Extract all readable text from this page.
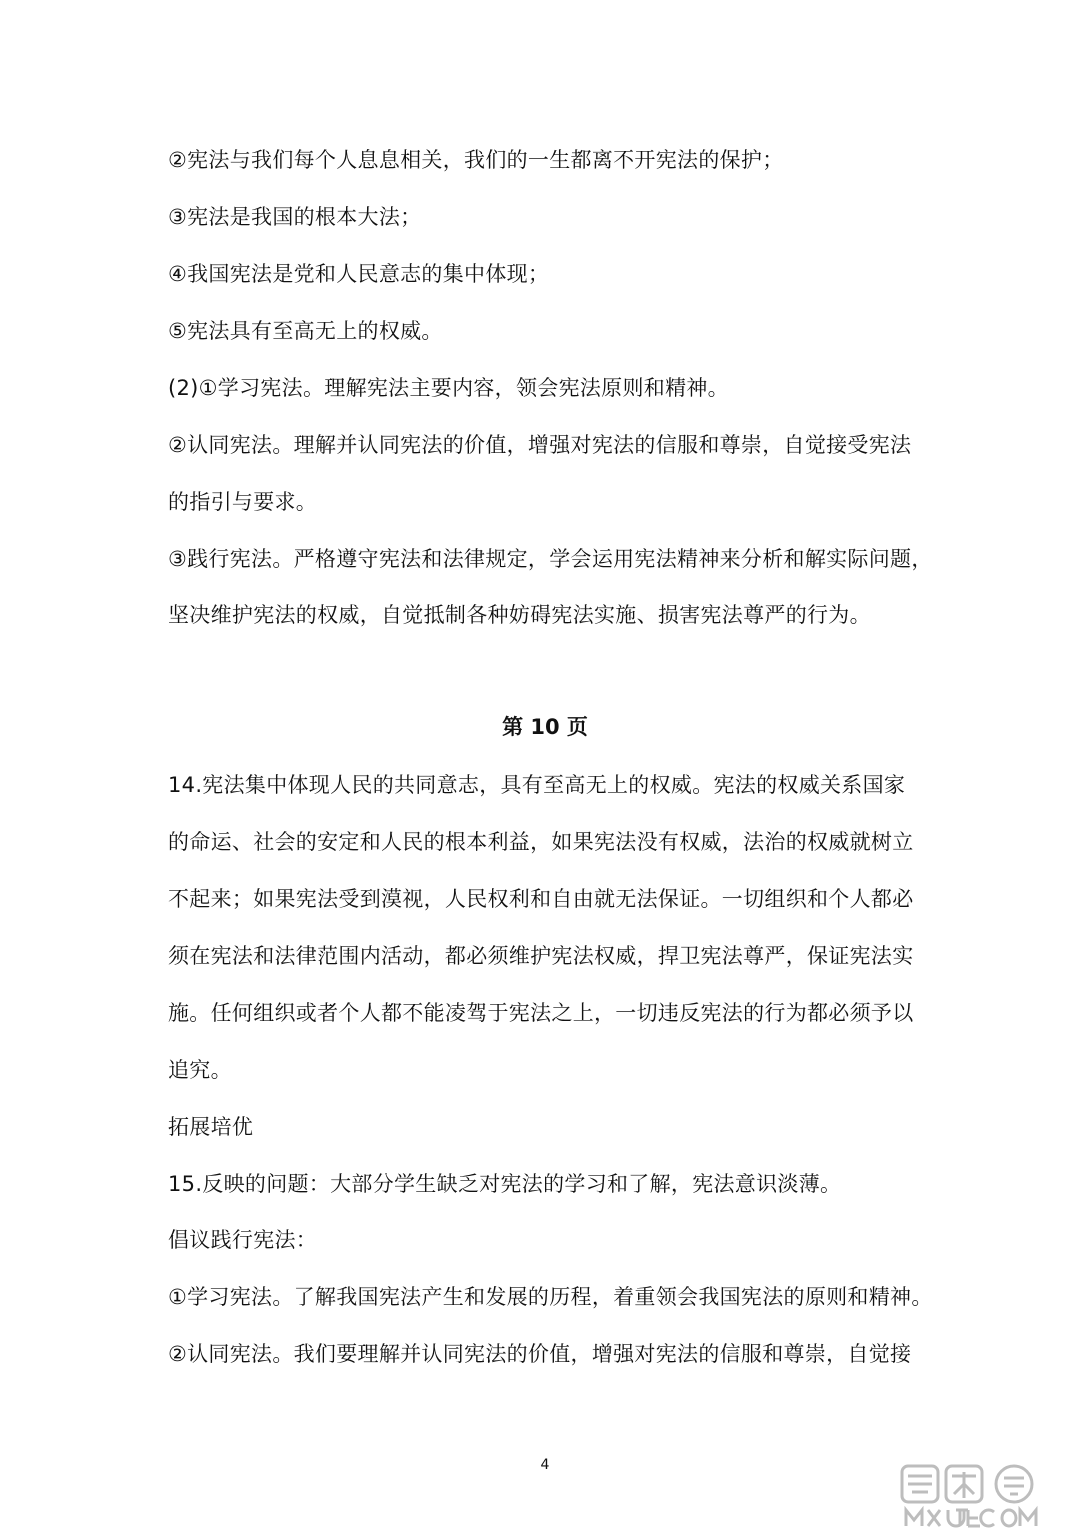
②宪法与我们每个人息息相关，我们的一生都离不开宪法的保护；
③宪法是我国的根本大法；
④我国宪法是党和人民意志的集中体现；
⑤宪法具有至高无上的权威。
(2)①学习宪法。理解宪法主要内容，领会宪法原则和精神。
②认同宪法。理解并认同宪法的价值，增强对宪法的信服和尊崇，自觉接受宪法
的指引与要求。
③践行宪法。严格遵守宪法和法律规定，学会运用宪法精神来分析和解实际问题，
坚决维护宪法的权威，自觉抵制各种妨碍宪法实施、损害宪法尊严的行为。
第 10 页
14.宪法集中体现人民的共同意志，具有至高无上的权威。宪法的权威关系国家
的命运、社会的安定和人民的根本利益，如果宪法没有权威，法治的权威就树立
不起来；如果宪法受到漠视，人民权利和自由就无法保证。一切组织和个人都必
须在宪法和法律范围内活动，都必须维护宪法权威，捍卫宪法尊严，保证宪法实
施。任何组织或者个人都不能凌驾于宪法之上，一切违反宪法的行为都必须予以
追究。
拓展培优
15.反映的问题：大部分学生缺乏对宪法的学习和了解，宪法意识淡薄。
倡议践行宪法：
①学习宪法。了解我国宪法产生和发展的历程，着重领会我国宪法的原则和精神。
②认同宪法。我们要理解并认同宪法的价值，增强对宪法的信服和尊崇，自觉接
4
